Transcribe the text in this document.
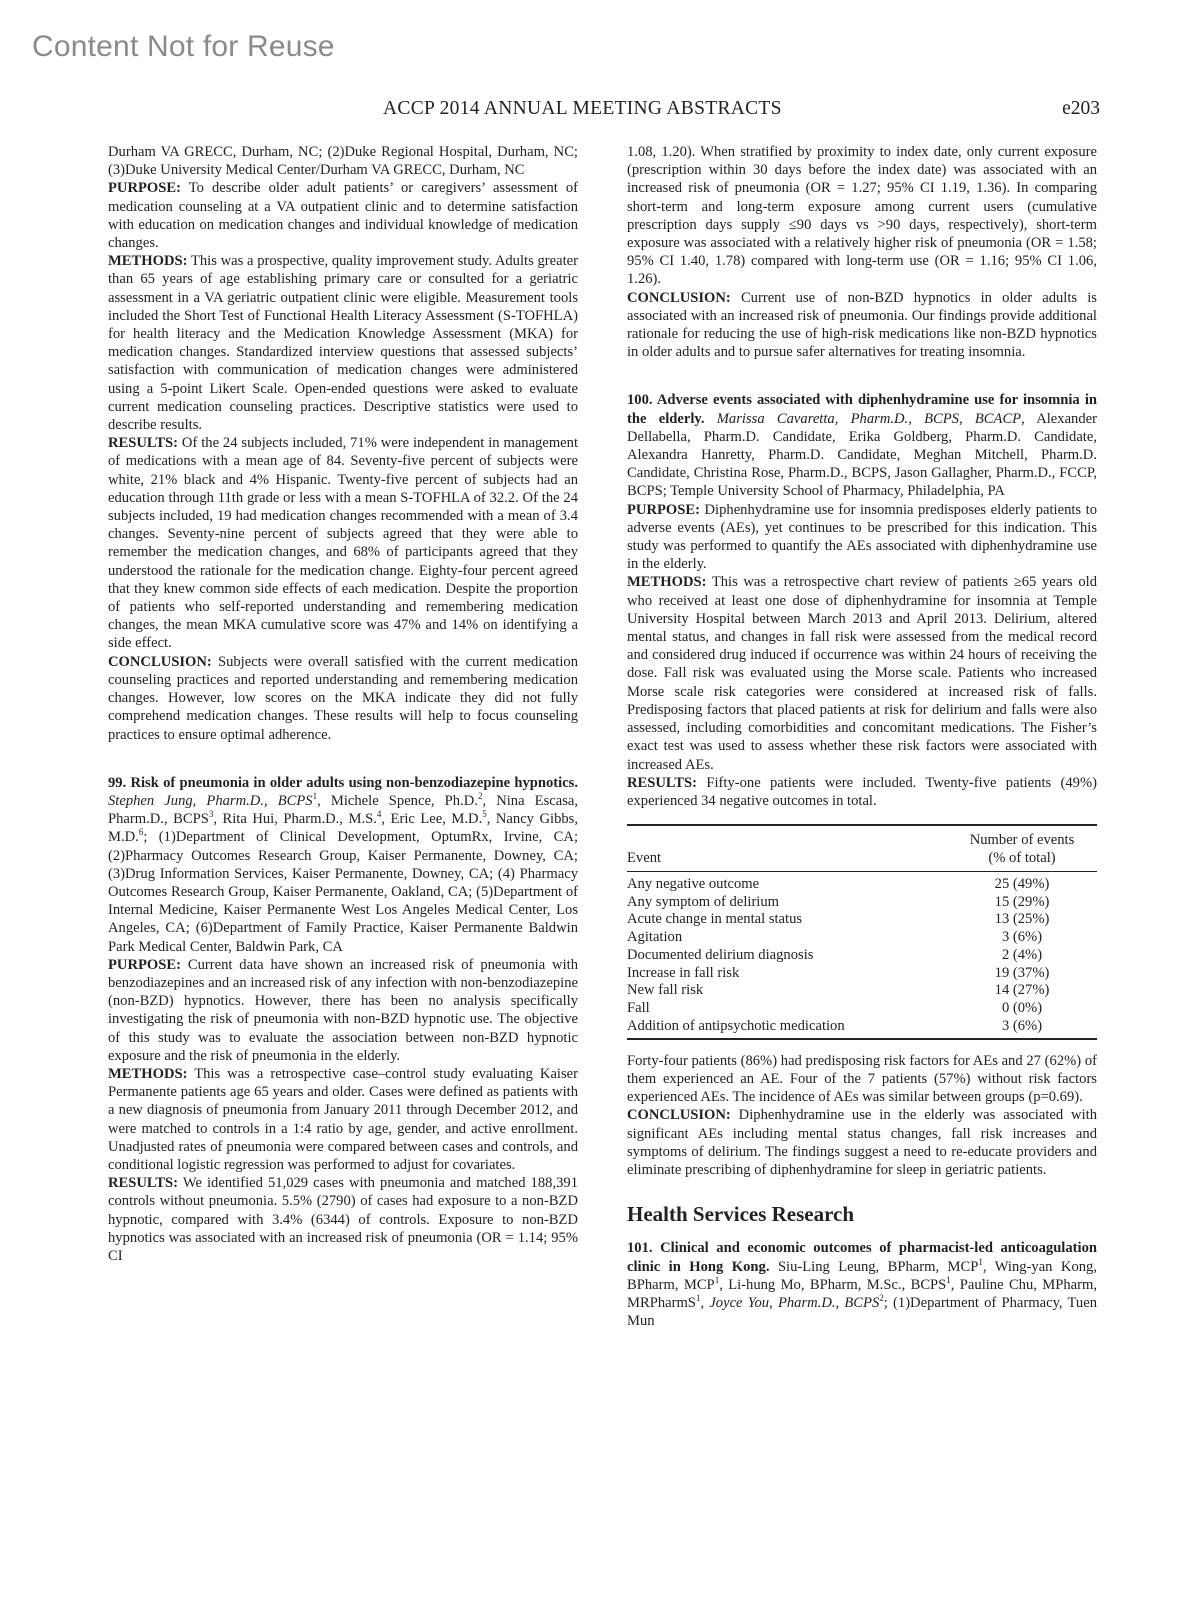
Content Not for Reuse
ACCP 2014 ANNUAL MEETING ABSTRACTS	e203

Durham VA GRECC, Durham, NC; (2)Duke Regional Hospital, Durham, NC; (3)Duke University Medical Center/Durham VA GRECC, Durham, NC

PURPOSE: To describe older adult patients’ or caregivers’ assessment of medication counseling at a VA outpatient clinic and to determine satisfaction with education on medication changes and individual knowledge of medication changes.

METHODS: This was a prospective, quality improvement study. Adults greater than 65 years of age establishing primary care or consulted for a geriatric assessment in a VA geriatric outpatient clinic were eligible. Measurement tools included the Short Test of Functional Health Literacy Assessment (S-TOFHLA) for health literacy and the Medication Knowledge Assessment (MKA) for medication changes. Standardized interview questions that assessed subjects’ satisfaction with communication of medication changes were administered using a 5-point Likert Scale. Open-ended questions were asked to evaluate current medication counseling practices. Descriptive statistics were used to describe results.

RESULTS: Of the 24 subjects included, 71% were independent in management of medications with a mean age of 84. Seventy-five percent of subjects were white, 21% black and 4% Hispanic. Twenty-five percent of subjects had an education through 11th grade or less with a mean S-TOFHLA of 32.2. Of the 24 subjects included, 19 had medication changes recommended with a mean of 3.4 changes. Seventy-nine percent of subjects agreed that they were able to remember the medication changes, and 68% of participants agreed that they understood the rationale for the medication change. Eighty-four percent agreed that they knew common side effects of each medication. Despite the proportion of patients who self-reported understanding and remembering medication changes, the mean MKA cumulative score was 47% and 14% on identifying a side effect.

CONCLUSION: Subjects were overall satisfied with the current medication counseling practices and reported understanding and remembering medication changes. However, low scores on the MKA indicate they did not fully comprehend medication changes. These results will help to focus counseling practices to ensure optimal adherence.

99. Risk of pneumonia in older adults using non-benzodiazepine hypnotics. Stephen Jung, Pharm.D., BCPS$^1$, Michele Spence, Ph.D.$^2$, Nina Escasa, Pharm.D., BCPS$^3$, Rita Hui, Pharm.D., M.S.$^4$, Eric Lee, M.D.$^5$, Nancy Gibbs, M.D.$^6$; (1)Department of Clinical Development, OptumRx, Irvine, CA; (2)Pharmacy Outcomes Research Group, Kaiser Permanente, Downey, CA; (3)Drug Information Services, Kaiser Permanente, Downey, CA; (4) Pharmacy Outcomes Research Group, Kaiser Permanente, Oakland, CA; (5)Department of Internal Medicine, Kaiser Permanente West Los Angeles Medical Center, Los Angeles, CA; (6)Department of Family Practice, Kaiser Permanente Baldwin Park Medical Center, Baldwin Park, CA

PURPOSE: Current data have shown an increased risk of pneumonia with benzodiazepines and an increased risk of any infection with non-benzodiazepine (non-BZD) hypnotics. However, there has been no analysis specifically investigating the risk of pneumonia with non-BZD hypnotic use. The objective of this study was to evaluate the association between non-BZD hypnotic exposure and the risk of pneumonia in the elderly.

METHODS: This was a retrospective case–control study evaluating Kaiser Permanente patients age 65 years and older. Cases were defined as patients with a new diagnosis of pneumonia from January 2011 through December 2012, and were matched to controls in a 1:4 ratio by age, gender, and active enrollment. Unadjusted rates of pneumonia were compared between cases and controls, and conditional logistic regression was performed to adjust for covariates.

RESULTS: We identified 51,029 cases with pneumonia and matched 188,391 controls without pneumonia. 5.5% (2790) of cases had exposure to a non-BZD hypnotic, compared with 3.4% (6344) of controls. Exposure to non-BZD hypnotics was associated with an increased risk of pneumonia (OR = 1.14; 95% CI

1.08, 1.20). When stratified by proximity to index date, only current exposure (prescription within 30 days before the index date) was associated with an increased risk of pneumonia (OR = 1.27; 95% CI 1.19, 1.36). In comparing short-term and long-term exposure among current users (cumulative prescription days supply ≤90 days vs >90 days, respectively), short-term exposure was associated with a relatively higher risk of pneumonia (OR = 1.58; 95% CI 1.40, 1.78) compared with long-term use (OR = 1.16; 95% CI 1.06, 1.26).

CONCLUSION: Current use of non-BZD hypnotics in older adults is associated with an increased risk of pneumonia. Our findings provide additional rationale for reducing the use of high-risk medications like non-BZD hypnotics in older adults and to pursue safer alternatives for treating insomnia.

100. Adverse events associated with diphenhydramine use for insomnia in the elderly. Marissa Cavaretta, Pharm.D., BCPS, BCACP, Alexander Dellabella, Pharm.D. Candidate, Erika Goldberg, Pharm.D. Candidate, Alexandra Hanretty, Pharm.D. Candidate, Meghan Mitchell, Pharm.D. Candidate, Christina Rose, Pharm.D., BCPS, Jason Gallagher, Pharm.D., FCCP, BCPS; Temple University School of Pharmacy, Philadelphia, PA

PURPOSE: Diphenhydramine use for insomnia predisposes elderly patients to adverse events (AEs), yet continues to be prescribed for this indication. This study was performed to quantify the AEs associated with diphenhydramine use in the elderly.

METHODS: This was a retrospective chart review of patients ≥65 years old who received at least one dose of diphenhydramine for insomnia at Temple University Hospital between March 2013 and April 2013. Delirium, altered mental status, and changes in fall risk were assessed from the medical record and considered drug induced if occurrence was within 24 hours of receiving the dose. Fall risk was evaluated using the Morse scale. Patients who increased Morse scale risk categories were considered at increased risk of falls. Predisposing factors that placed patients at risk for delirium and falls were also assessed, including comorbidities and concomitant medications. The Fisher’s exact test was used to assess whether these risk factors were associated with increased AEs.

RESULTS: Fifty-one patients were included. Twenty-five patients (49%) experienced 34 negative outcomes in total.

Event	Number of events
(% of total)
Any negative outcome	25 (49%)
Any symptom of delirium	15 (29%)
Acute change in mental status	13 (25%)
Agitation	3 (6%)
Documented delirium diagnosis	2 (4%)
Increase in fall risk	19 (37%)
New fall risk	14 (27%)
Fall	0 (0%)
Addition of antipsychotic medication	3 (6%)

Forty-four patients (86%) had predisposing risk factors for AEs and 27 (62%) of them experienced an AE. Four of the 7 patients (57%) without risk factors experienced AEs. The incidence of AEs was similar between groups (p=0.69).

CONCLUSION: Diphenhydramine use in the elderly was associated with significant AEs including mental status changes, fall risk increases and symptoms of delirium. The findings suggest a need to re-educate providers and eliminate prescribing of diphenhydramine for sleep in geriatric patients.

Health Services Research

101. Clinical and economic outcomes of pharmacist-led anticoagulation clinic in Hong Kong. Siu-Ling Leung, BPharm, MCP$^1$, Wing-yan Kong, BPharm, MCP$^1$, Li-hung Mo, BPharm, M.Sc., BCPS$^1$, Pauline Chu, MPharm, MRPharmS$^1$, Joyce You, Pharm.D., BCPS$^2$; (1)Department of Pharmacy, Tuen Mun
